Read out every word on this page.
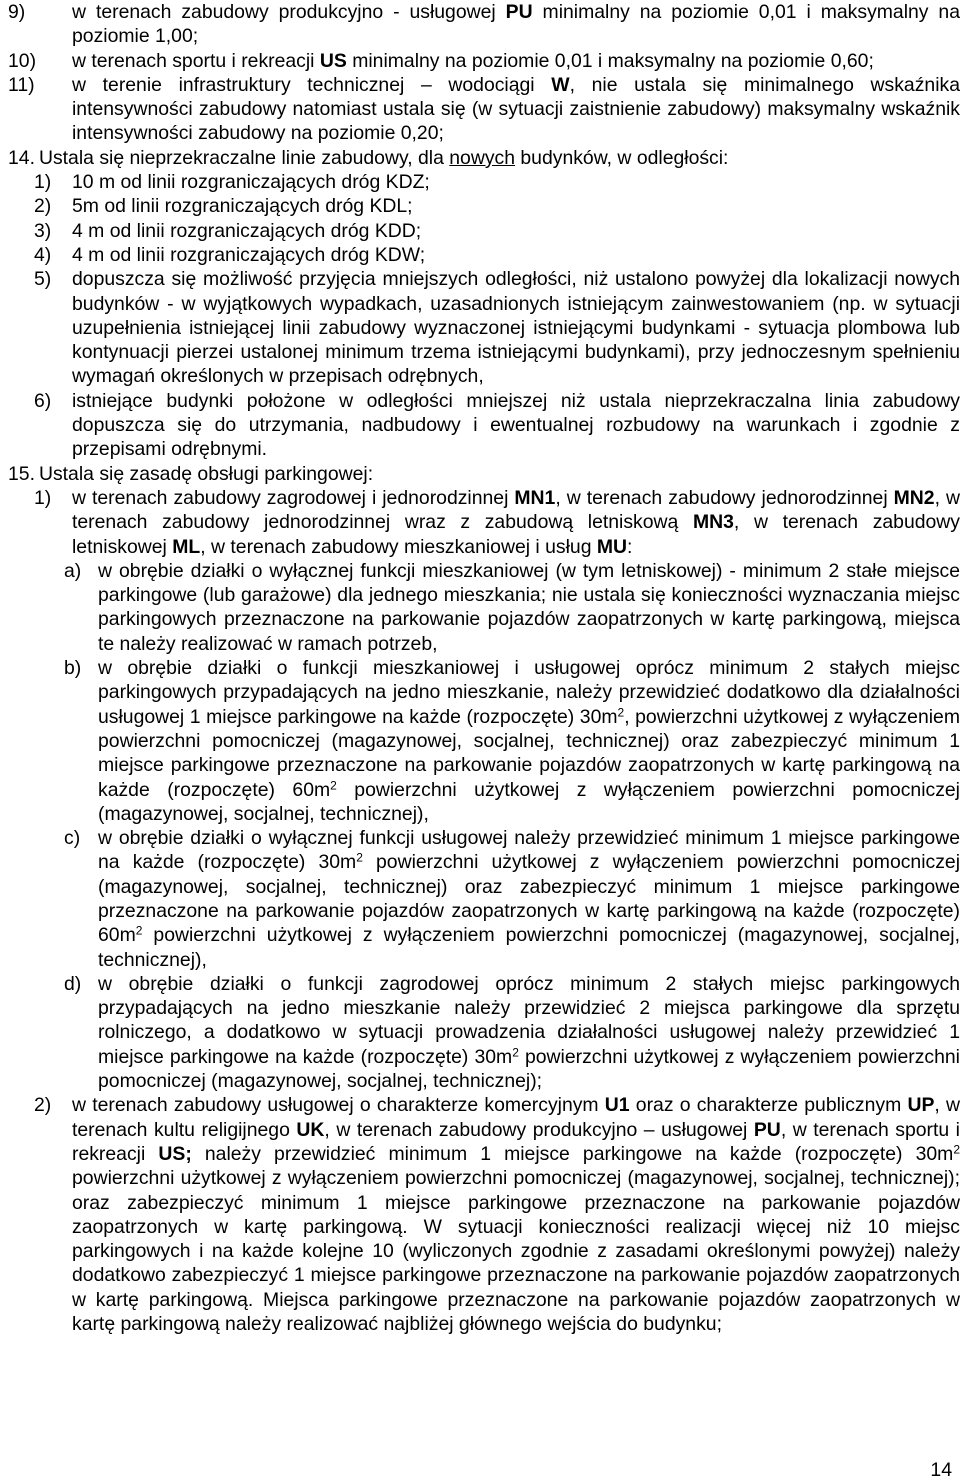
9) w terenach zabudowy produkcyjno - usługowej PU minimalny na poziomie 0,01 i maksymalny na poziomie 1,00;
10) w terenach sportu i rekreacji US minimalny na poziomie 0,01 i maksymalny na poziomie 0,60;
11) w terenie infrastruktury technicznej – wodociągi W, nie ustala się minimalnego wskaźnika intensywności zabudowy natomiast ustala się (w sytuacji zaistnienie zabudowy) maksymalny wskaźnik intensywności zabudowy na poziomie 0,20;
14. Ustala się nieprzekraczalne linie zabudowy, dla nowych budynków, w odległości:
1) 10 m od linii rozgraniczających dróg KDZ;
2) 5m od linii rozgraniczających dróg KDL;
3) 4 m od linii rozgraniczających dróg KDD;
4) 4 m od linii rozgraniczających dróg KDW;
5) dopuszcza się możliwość przyjęcia mniejszych odległości, niż ustalono powyżej dla lokalizacji nowych budynków - w wyjątkowych wypadkach, uzasadnionych istniejącym zainwestowaniem (np. w sytuacji uzupełnienia istniejącej linii zabudowy wyznaczonej istniejącymi budynkami - sytuacja plombowa lub kontynuacji pierzei ustalonej minimum trzema istniejącymi budynkami), przy jednoczesnym spełnieniu wymagań określonych w przepisach odrębnych,
6) istniejące budynki położone w odległości mniejszej niż ustala nieprzekraczalna linia zabudowy dopuszcza się do utrzymania, nadbudowy i ewentualnej rozbudowy na warunkach i zgodnie z przepisami odrębnymi.
15. Ustala się zasadę obsługi parkingowej:
1) w terenach zabudowy zagrodowej i jednorodzinnej MN1, w terenach zabudowy jednorodzinnej MN2, w terenach zabudowy jednorodzinnej wraz z zabudową letniskową MN3, w terenach zabudowy letniskowej ML, w terenach zabudowy mieszkaniowej i usług MU:
a) w obrębie działki o wyłącznej funkcji mieszkaniowej (w tym letniskowej) - minimum 2 stałe miejsce parkingowe (lub garażowe) dla jednego mieszkania; nie ustala się konieczności wyznaczania miejsc parkingowych przeznaczone na parkowanie pojazdów zaopatrzonych w kartę parkingową, miejsca te należy realizować w ramach potrzeb,
b) w obrębie działki o funkcji mieszkaniowej i usługowej oprócz minimum 2 stałych miejsc parkingowych przypadających na jedno mieszkanie, należy przewidzieć dodatkowo dla działalności usługowej 1 miejsce parkingowe na każde (rozpoczęte) $30m^2$, powierzchni użytkowej z wyłączeniem powierzchni pomocniczej (magazynowej, socjalnej, technicznej) oraz zabezpieczyć minimum 1 miejsce parkingowe przeznaczone na parkowanie pojazdów zaopatrzonych w kartę parkingową na każde (rozpoczęte) $60m^2$ powierzchni użytkowej z wyłączeniem powierzchni pomocniczej (magazynowej, socjalnej, technicznej),
c) w obrębie działki o wyłącznej funkcji usługowej należy przewidzieć minimum 1 miejsce parkingowe na każde (rozpoczęte) $30m^2$ powierzchni użytkowej z wyłączeniem powierzchni pomocniczej (magazynowej, socjalnej, technicznej) oraz zabezpieczyć minimum 1 miejsce parkingowe przeznaczone na parkowanie pojazdów zaopatrzonych w kartę parkingową na każde (rozpoczęte) $60m^2$ powierzchni użytkowej z wyłączeniem powierzchni pomocniczej (magazynowej, socjalnej, technicznej),
d) w obrębie działki o funkcji zagrodowej oprócz minimum 2 stałych miejsc parkingowych przypadających na jedno mieszkanie należy przewidzieć 2 miejsca parkingowe dla sprzętu rolniczego, a dodatkowo w sytuacji prowadzenia działalności usługowej należy przewidzieć 1 miejsce parkingowe na każde (rozpoczęte) $30m^2$ powierzchni użytkowej z wyłączeniem powierzchni pomocniczej (magazynowej, socjalnej, technicznej);
2) w terenach zabudowy usługowej o charakterze komercyjnym U1 oraz o charakterze publicznym UP, w terenach kultu religijnego UK, w terenach zabudowy produkcyjno – usługowej PU, w terenach sportu i rekreacji US; należy przewidzieć minimum 1 miejsce parkingowe na każde (rozpoczęte) $30m^2$ powierzchni użytkowej z wyłączeniem powierzchni pomocniczej (magazynowej, socjalnej, technicznej); oraz zabezpieczyć minimum 1 miejsce parkingowe przeznaczone na parkowanie pojazdów zaopatrzonych w kartę parkingową. W sytuacji konieczności realizacji więcej niż 10 miejsc parkingowych i na każde kolejne 10 (wyliczonych zgodnie z zasadami określonymi powyżej) należy dodatkowo zabezpieczyć 1 miejsce parkingowe przeznaczone na parkowanie pojazdów zaopatrzonych w kartę parkingową. Miejsca parkingowe przeznaczone na parkowanie pojazdów zaopatrzonych w kartę parkingową należy realizować najbliżej głównego wejścia do budynku;
14
